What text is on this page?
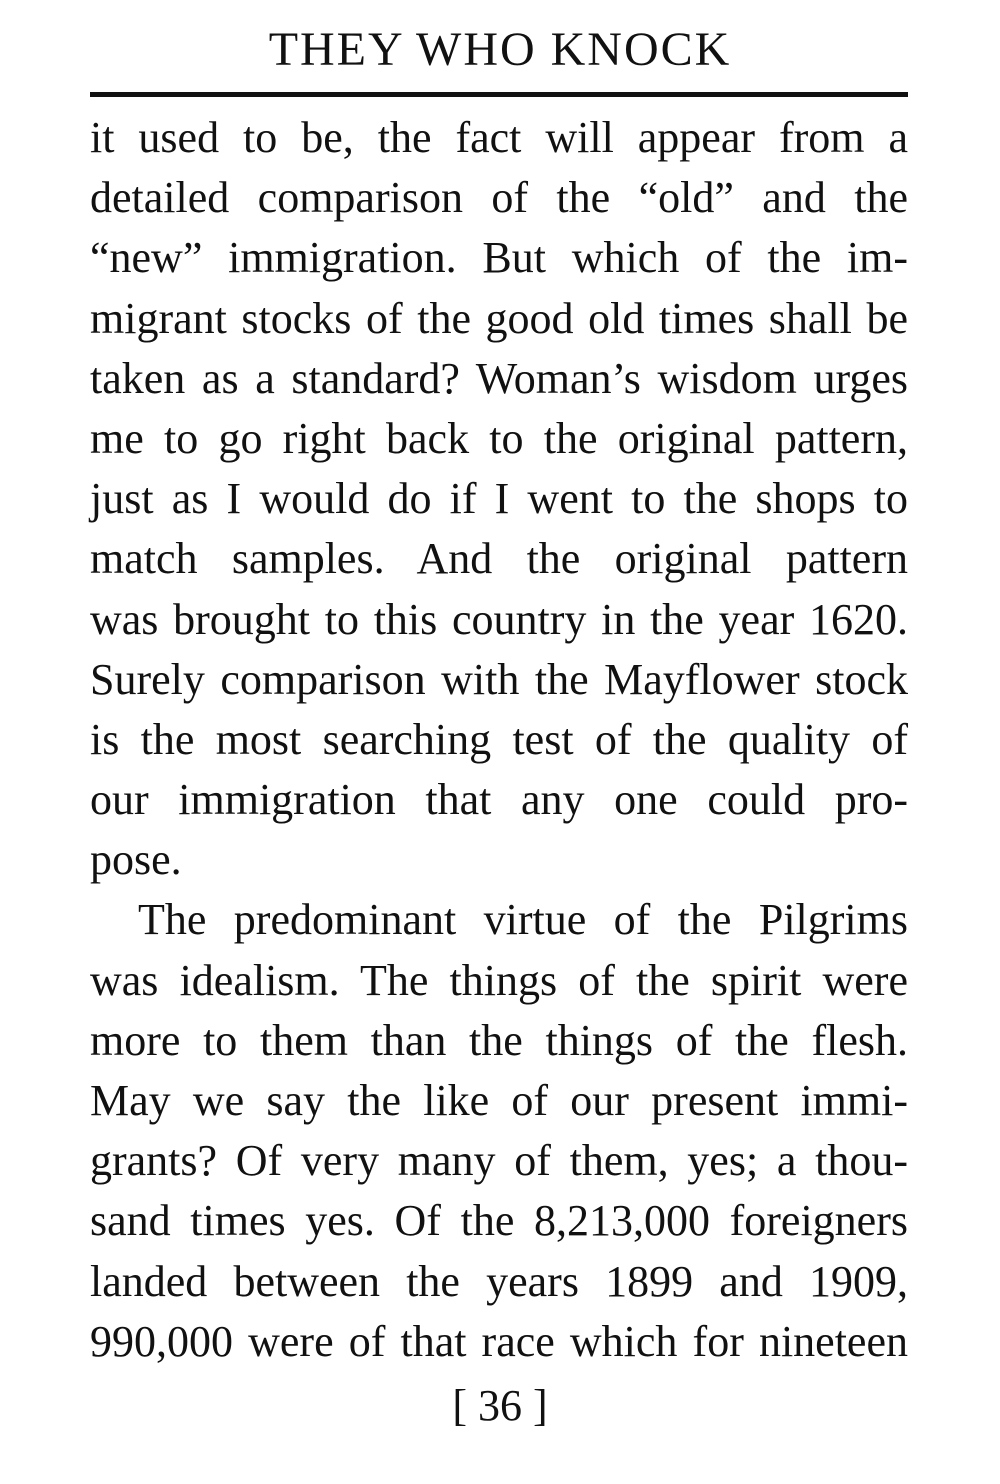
THEY WHO KNOCK
it used to be, the fact will appear from a
detailed comparison of the “old” and the
“new” immigration. But which of the im-
migrant stocks of the good old times shall be
taken as a standard? Woman’s wisdom urges
me to go right back to the original pattern,
just as I would do if I went to the shops to
match samples. And the original pattern
was brought to this country in the year 1620.
Surely comparison with the Mayflower stock
is the most searching test of the quality of
our immigration that any one could pro-
pose.
The predominant virtue of the Pilgrims
was idealism. The things of the spirit were
more to them than the things of the flesh.
May we say the like of our present immi-
grants? Of very many of them, yes; a thou-
sand times yes. Of the 8,213,000 foreigners
landed between the years 1899 and 1909,
990,000 were of that race which for nineteen
[ 36 ]
